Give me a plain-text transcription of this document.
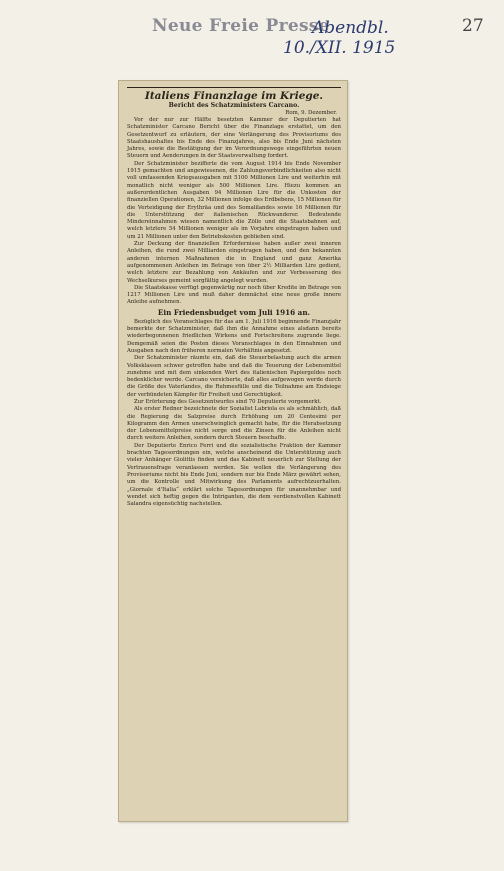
Neue Freie Presse
Abendbl.
10./XII. 1915
27
Italiens Finanzlage im Kriege.
Bericht des Schatzministers Carcano.
Rom, 9. Dezember.

Vor der nur zur Hälfte besetzten Kammer der Deputierten hat Schatzminister Carcano Bericht über die Finanzlage erstattet, um den Gesetzentwurf zu erläutern, der eine Verlängerung des Provisoriums des Staatshaushaltes bis Ende des Finanzjahres, also bis Ende Juni nächsten Jahres, sowie die Bestätigung der im Verordnungswege eingeführten neuen Steuern und Aenderungen in der Staatsverwaltung fordert.

Der Schatzminister bezifferte die vom August 1914 bis Ende November 1915 gemachten und angewiesenen, die Zahlungsverbindlichkeiten also nicht voll umfassenden Kriegsausgaben mit 5100 Millionen Lire und weiterhin mit monatlich nicht weniger als 500 Millionen Lire. Hiezu kommen an außerordentlichen Ausgaben 94 Millionen Lire für die Unkosten der finanziellen Operationen, 32 Millionen infolge des Erdbebens, 15 Millionen für die Verteidigung der Erythräa und des Somalilandes sowie 16 Millionen für die Unterstützung der italienischen Rückwanderer. Bedeutende Mindereinnahmen wiesen namentlich die Zölle und die Staatsbahnen auf, welch letztere 54 Millionen weniger als im Vorjahre eingetragen haben und um 21 Millionen unter den Betriebskosten geblieben sind.

Zur Deckung der finanziellen Erfordernisse haben außer zwei inneren Anleihen, die rund zwei Milliarden eingetragen haben, und den bekannten anderen internen Maßnahmen die in England und ganz Amerika aufgenommenen Anleihen im Betrage von über 2½ Milliarden Lire gedient, welch letztere zur Bezahlung von Ankäufen und zur Verbesserung des Wechselkurses gemeint sorgfältig angelegt wurden.

Die Staatskasse verfügt gegenwärtig nur noch über Kredite im Betrage von 1217 Millionen Lire und muß daher demnächst eine neue große innere Anleihe aufnehmen.

Ein Friedensbudget vom Juli 1916 an.

Bezüglich des Voranschlages für das am 1. Juli 1916 beginnende Finanzjahr bemerkte der Schatzminister, daß ihm die Annahme eines alsdann bereits wiederbegonnenen friedlichen Wirkens und Fortschreitens zugrunde liege. Demgemäß seien die Posten dieses Voranschlages in den Einnahmen und Ausgaben nach den früheren normalen Verhältnis angesetzt.

Der Schatzminister räumte ein, daß die Steuerbelastung auch die armen Volksklassen schwer getroffen habe und daß die Teuerung der Lebensmittel zunehme und mit dem sinkenden Wert des italienischen Papiergeldes noch bedenklicher werde. Carcano versicherte, daß alles aufgewogen werde durch die Größe des Vaterlandes, die Ruhmesfülle und die Teilnahme am Endsiege der verbündeten Kämpfer für Freiheit und Gerechtigkeit.

Zur Erörterung des Gesetzentwurfes sind 70 Deputierte vorgemerkt.

Als erster Redner bezeichnete der Sozialist Labriola es als schmählich, daß die Regierung die Salzpreise durch Erhöhung um 20 Centesimi per Kilogramm den Armen unerschwinglich gemacht habe, für die Herabsetzung der Lebensmittelpreise nicht sorge und die Zinsen für die Anleihen nicht durch weitere Anleihen, sondern durch Steuern beschaffe.

Der Deputierte Enrico Ferri und die sozialistische Fraktion der Kammer brachten Tagesordnungen ein, welche anscheinend die Unterstützung auch vieler Anhänger Giolittis finden und das Kabinett neuerlich zur Stellung der Vertrauensfrage veranlassen werden. Sie wollen die Verlängerung des Provisoriums nicht bis Ende Juni, sondern nur bis Ende März gewährt sehen, um die Kontrolle und Mitwirkung des Parlaments aufrechtzuerhalten. „Giornale d'Italia“ erklärt solche Tagesordnungen für unannehmbar und wendet sich heftig gegen die Intriganten, die dem verdienstvollen Kabinett Salandra eigensüchtig nachstellen.
